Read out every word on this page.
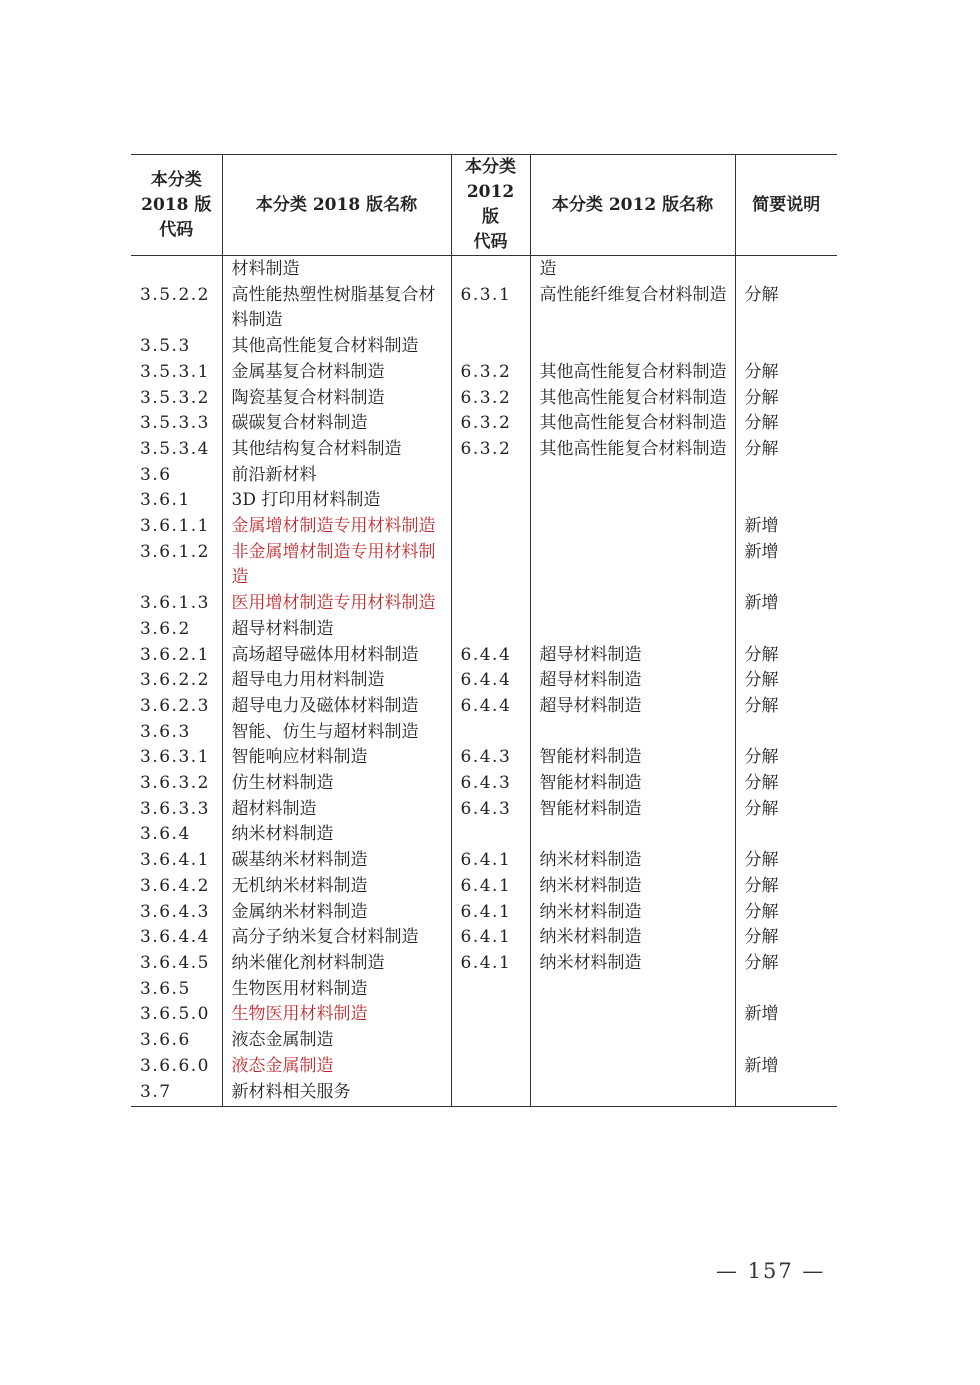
本分类
2018 版
代码	本分类 2018 版名称	本分类
2012 版
代码	本分类 2012 版名称	简要说明
	材料制造		造	
3.5.2.2	高性能热塑性树脂基复合材料制造	6.3.1	高性能纤维复合材料制造	分解
3.5.3	其他高性能复合材料制造			
3.5.3.1	金属基复合材料制造	6.3.2	其他高性能复合材料制造	分解
3.5.3.2	陶瓷基复合材料制造	6.3.2	其他高性能复合材料制造	分解
3.5.3.3	碳碳复合材料制造	6.3.2	其他高性能复合材料制造	分解
3.5.3.4	其他结构复合材料制造	6.3.2	其他高性能复合材料制造	分解
3.6	前沿新材料			
3.6.1	3D 打印用材料制造			
3.6.1.1	金属增材制造专用材料制造			新增
3.6.1.2	非金属增材制造专用材料制造			新增
3.6.1.3	医用增材制造专用材料制造			新增
3.6.2	超导材料制造			
3.6.2.1	高场超导磁体用材料制造	6.4.4	超导材料制造	分解
3.6.2.2	超导电力用材料制造	6.4.4	超导材料制造	分解
3.6.2.3	超导电力及磁体材料制造	6.4.4	超导材料制造	分解
3.6.3	智能、仿生与超材料制造			
3.6.3.1	智能响应材料制造	6.4.3	智能材料制造	分解
3.6.3.2	仿生材料制造	6.4.3	智能材料制造	分解
3.6.3.3	超材料制造	6.4.3	智能材料制造	分解
3.6.4	纳米材料制造			
3.6.4.1	碳基纳米材料制造	6.4.1	纳米材料制造	分解
3.6.4.2	无机纳米材料制造	6.4.1	纳米材料制造	分解
3.6.4.3	金属纳米材料制造	6.4.1	纳米材料制造	分解
3.6.4.4	高分子纳米复合材料制造	6.4.1	纳米材料制造	分解
3.6.4.5	纳米催化剂材料制造	6.4.1	纳米材料制造	分解
3.6.5	生物医用材料制造			
3.6.5.0	生物医用材料制造			新增
3.6.6	液态金属制造			
3.6.6.0	液态金属制造			新增
3.7	新材料相关服务			
— 157 —
